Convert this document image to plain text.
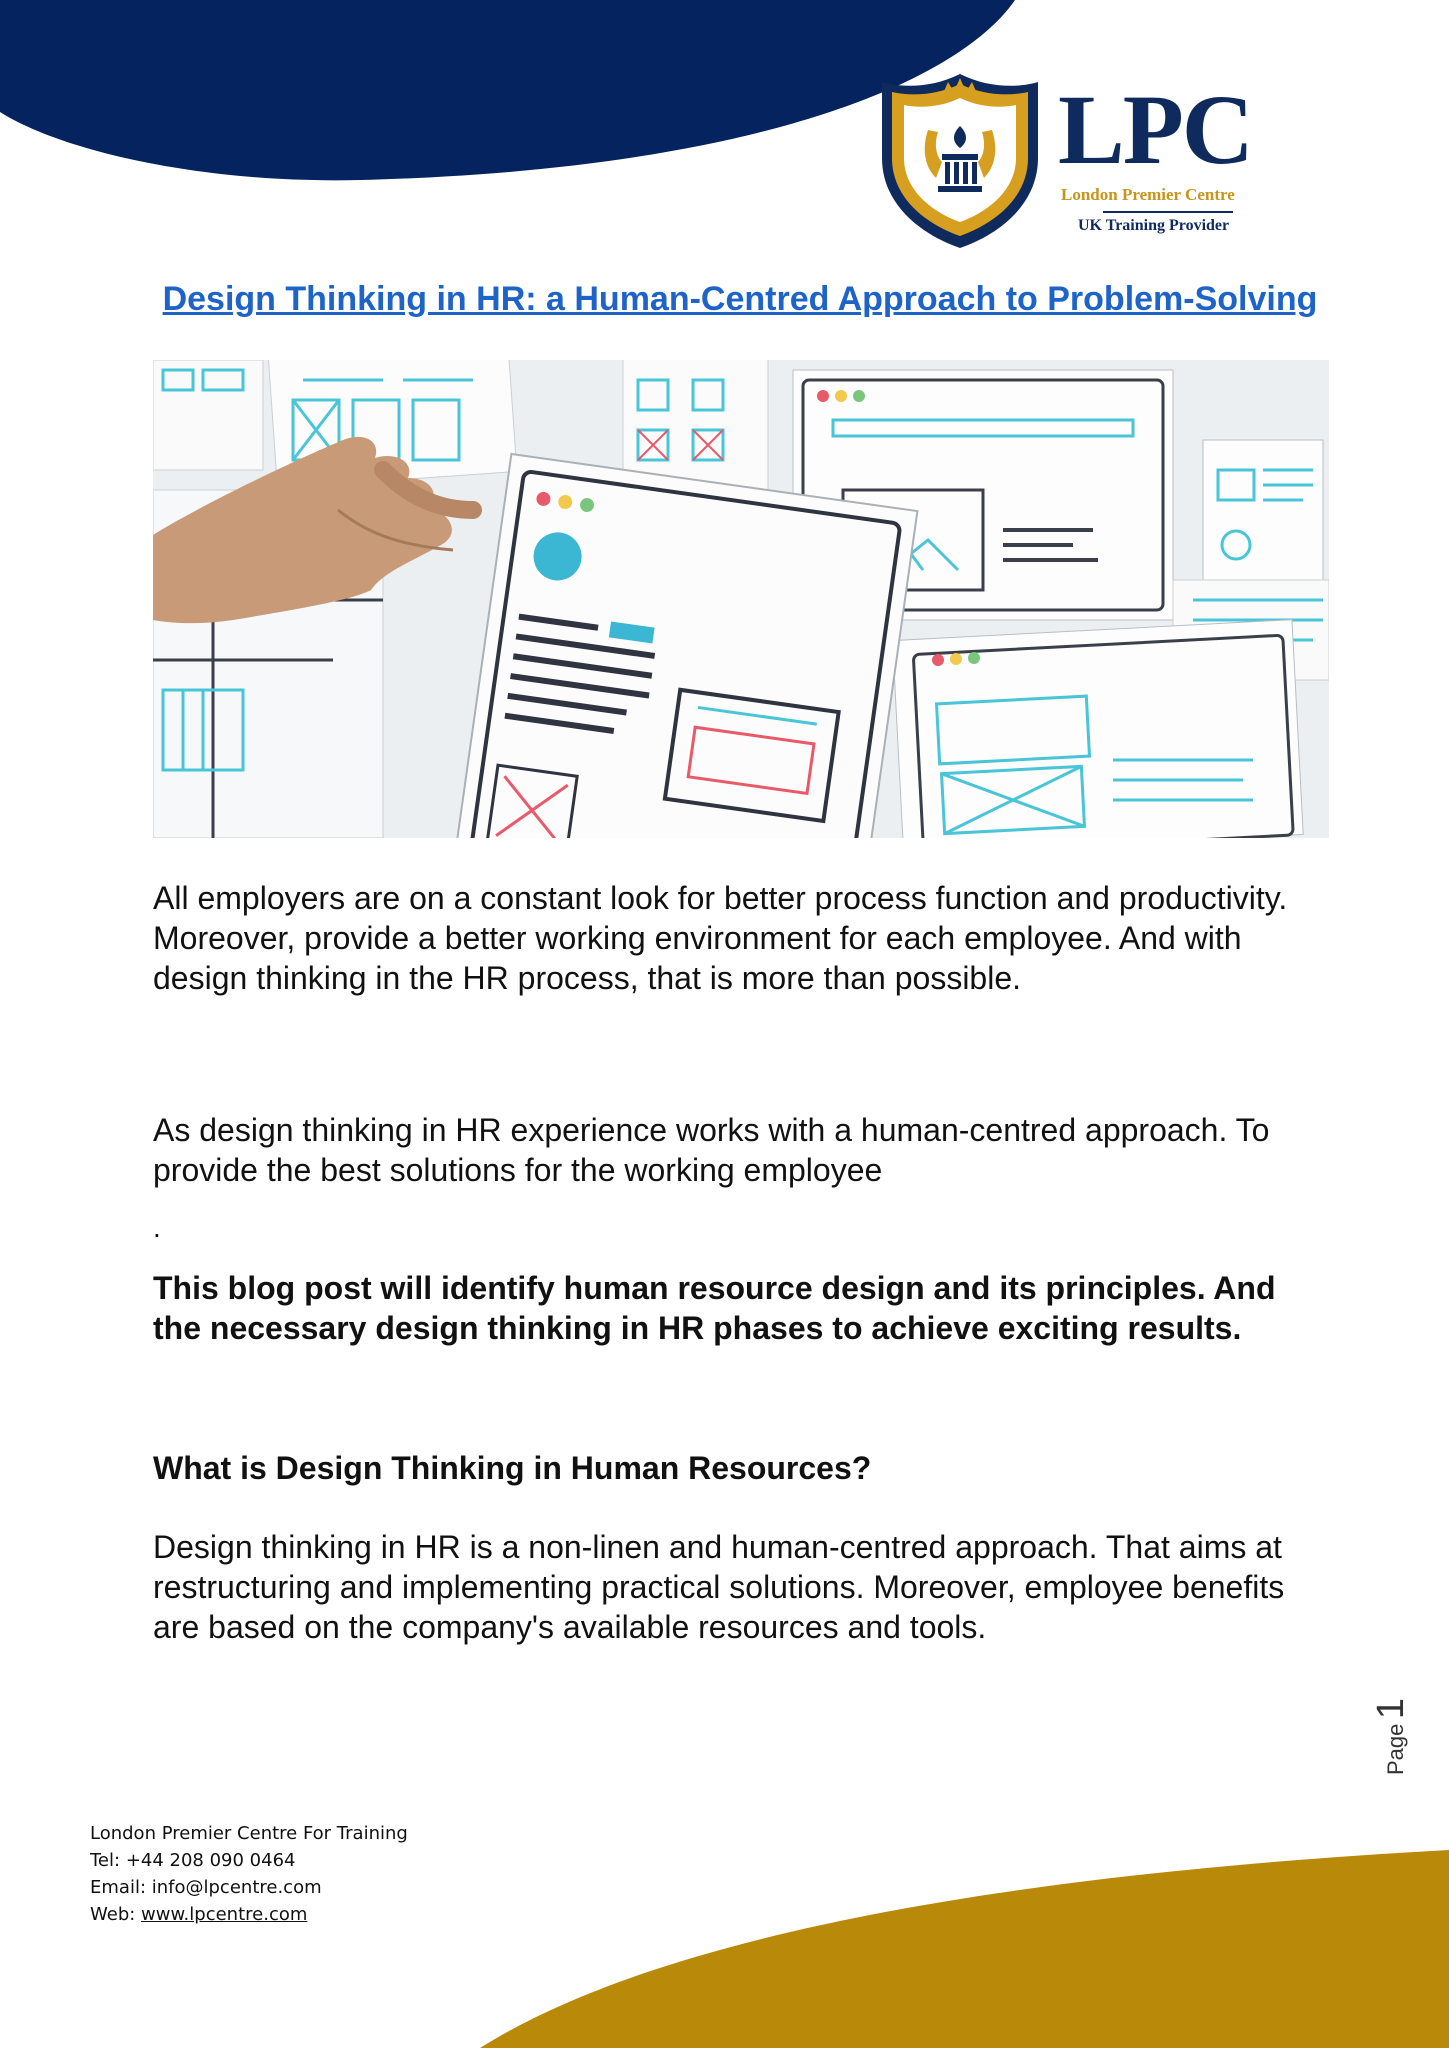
LPC
London Premier Centre
UK Training Provider
Design Thinking in HR: a Human-Centred Approach to Problem-Solving

All employers are on a constant look for better process function and productivity. Moreover, provide a better working environment for each employee. And with design thinking in the HR process, that is more than possible.

As design thinking in HR experience works with a human-centred approach. To provide the best solutions for the working employee

.

This blog post will identify human resource design and its principles. And the necessary design thinking in HR phases to achieve exciting results.

What is Design Thinking in Human Resources?

Design thinking in HR is a non-linen and human-centred approach. That aims at restructuring and implementing practical solutions. Moreover, employee benefits are based on the company's available resources and tools.

Page 1
London Premier Centre For Training
Tel: +44 208 090 0464
Email: info@lpcentre.com
Web: www.lpcentre.com
